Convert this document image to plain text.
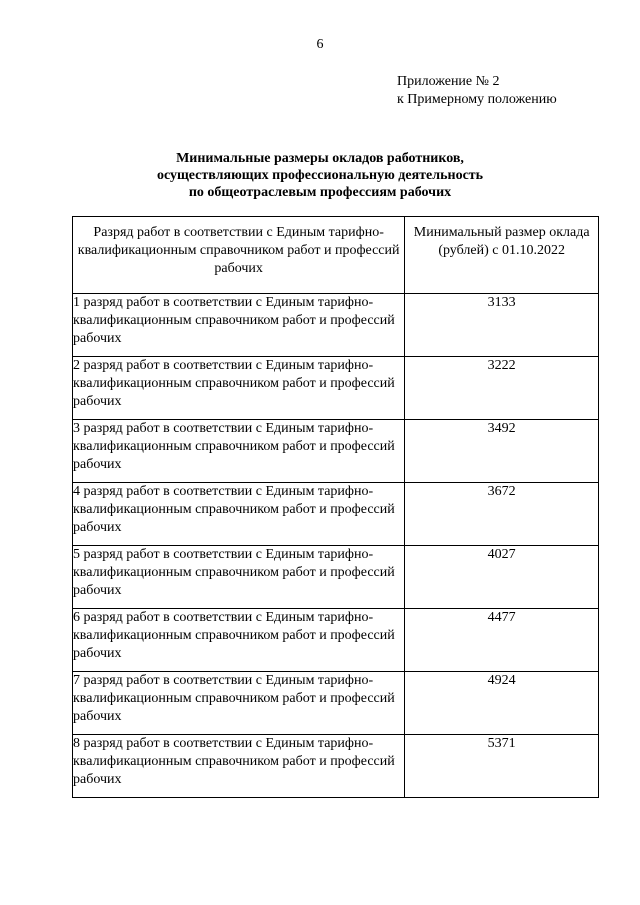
6
Приложение № 2
к Примерному положению
Минимальные размеры окладов работников,
осуществляющих профессиональную деятельность
по общеотраслевым профессиям рабочих
Разряд работ в соответствии с Единым тарифно-квалификационным справочником работ и профессий рабочих	Минимальный размер оклада (рублей) с 01.10.2022

1 разряд работ в соответствии с Единым тарифно-квалификационным справочником работ и профессий рабочих	3133
2 разряд работ в соответствии с Единым тарифно-квалификационным справочником работ и профессий рабочих	3222
3 разряд работ в соответствии с Единым тарифно-квалификационным справочником работ и профессий рабочих	3492
4 разряд работ в соответствии с Единым тарифно-квалификационным справочником работ и профессий рабочих	3672
5 разряд работ в соответствии с Единым тарифно-квалификационным справочником работ и профессий рабочих	4027
6 разряд работ в соответствии с Единым тарифно-квалификационным справочником работ и профессий рабочих	4477
7 разряд работ в соответствии с Единым тарифно-квалификационным справочником работ и профессий рабочих	4924
8 разряд работ в соответствии с Единым тарифно-квалификационным справочником работ и профессий рабочих	5371
